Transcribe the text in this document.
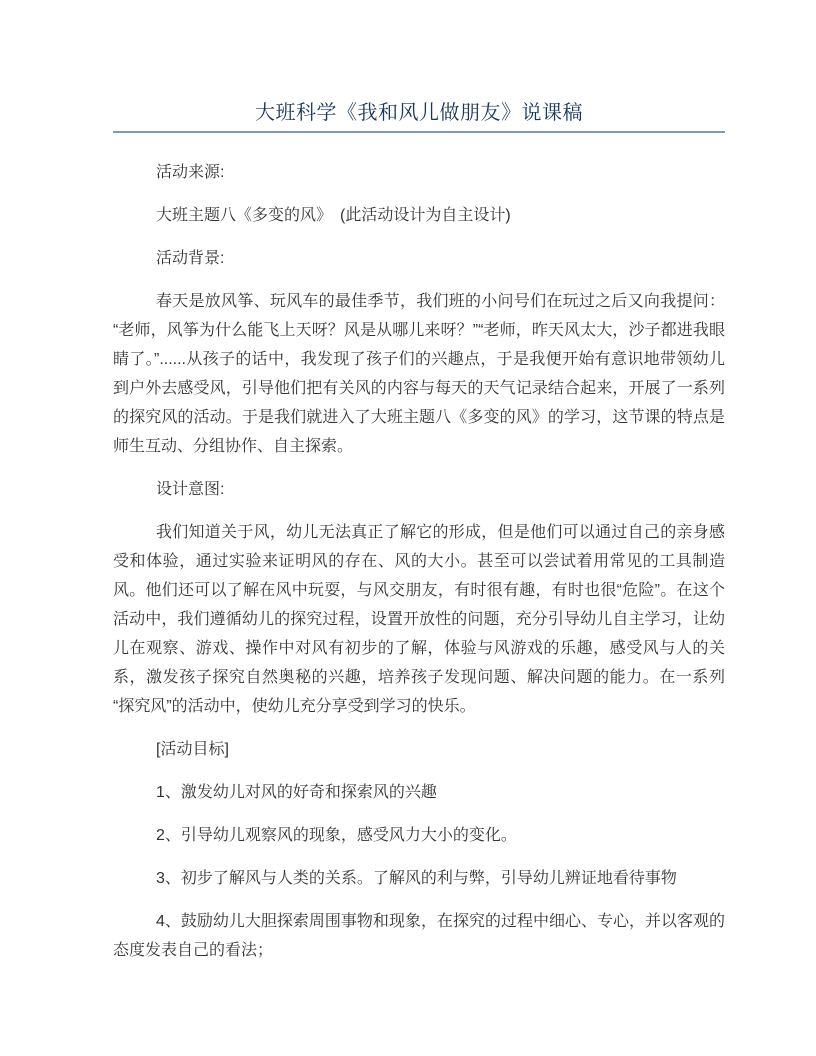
大班科学《我和风儿做朋友》说课稿

活动来源:

大班主题八《多变的风》　(此活动设计为自主设计)

活动背景:

春天是放风筝、玩风车的最佳季节，我们班的小问号们在玩过之后又向我提问：“老师，风筝为什么能飞上天呀？风是从哪儿来呀？”“老师，昨天风太大，沙子都进我眼睛了。”......从孩子的话中，我发现了孩子们的兴趣点，于是我便开始有意识地带领幼儿到户外去感受风，引导他们把有关风的内容与每天的天气记录结合起来，开展了一系列的探究风的活动。于是我们就进入了大班主题八《多变的风》的学习，这节课的特点是师生互动、分组协作、自主探索。

设计意图:

我们知道关于风，幼儿无法真正了解它的形成，但是他们可以通过自己的亲身感受和体验，通过实验来证明风的存在、风的大小。甚至可以尝试着用常见的工具制造风。他们还可以了解在风中玩耍，与风交朋友，有时很有趣，有时也很“危险”。在这个活动中，我们遵循幼儿的探究过程，设置开放性的问题，充分引导幼儿自主学习，让幼儿在观察、游戏、操作中对风有初步的了解，体验与风游戏的乐趣，感受风与人的关系，激发孩子探究自然奥秘的兴趣，培养孩子发现问题、解决问题的能力。在一系列“探究风”的活动中，使幼儿充分享受到学习的快乐。

[活动目标]

1、激发幼儿对风的好奇和探索风的兴趣

2、引导幼儿观察风的现象，感受风力大小的变化。

3、初步了解风与人类的关系。了解风的利与弊，引导幼儿辨证地看待事物

4、鼓励幼儿大胆探索周围事物和现象，在探究的过程中细心、专心，并以客观的态度发表自己的看法；
